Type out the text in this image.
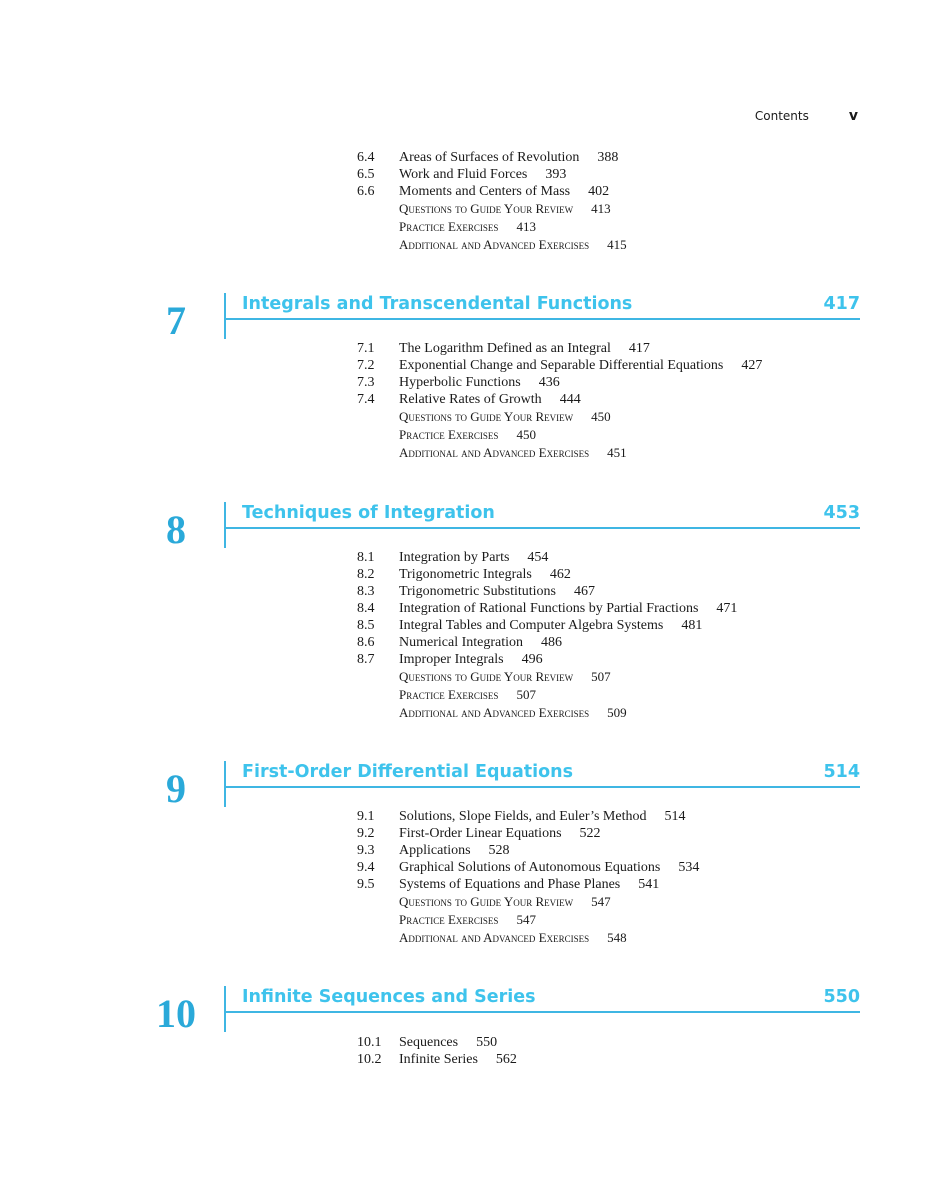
Contents	v
6.4 Areas of Surfaces of Revolution 388
6.5 Work and Fluid Forces 393
6.6 Moments and Centers of Mass 402
Questions to Guide Your Review 413
Practice Exercises 413
Additional and Advanced Exercises 415
7	Integrals and Transcendental Functions	417
7.1 The Logarithm Defined as an Integral 417
7.2 Exponential Change and Separable Differential Equations 427
7.3 Hyperbolic Functions 436
7.4 Relative Rates of Growth 444
Questions to Guide Your Review 450
Practice Exercises 450
Additional and Advanced Exercises 451
8	Techniques of Integration	453
8.1 Integration by Parts 454
8.2 Trigonometric Integrals 462
8.3 Trigonometric Substitutions 467
8.4 Integration of Rational Functions by Partial Fractions 471
8.5 Integral Tables and Computer Algebra Systems 481
8.6 Numerical Integration 486
8.7 Improper Integrals 496
Questions to Guide Your Review 507
Practice Exercises 507
Additional and Advanced Exercises 509
9	First-Order Differential Equations	514
9.1 Solutions, Slope Fields, and Euler’s Method 514
9.2 First-Order Linear Equations 522
9.3 Applications 528
9.4 Graphical Solutions of Autonomous Equations 534
9.5 Systems of Equations and Phase Planes 541
Questions to Guide Your Review 547
Practice Exercises 547
Additional and Advanced Exercises 548
10	Infinite Sequences and Series	550
10.1 Sequences 550
10.2 Infinite Series 562
